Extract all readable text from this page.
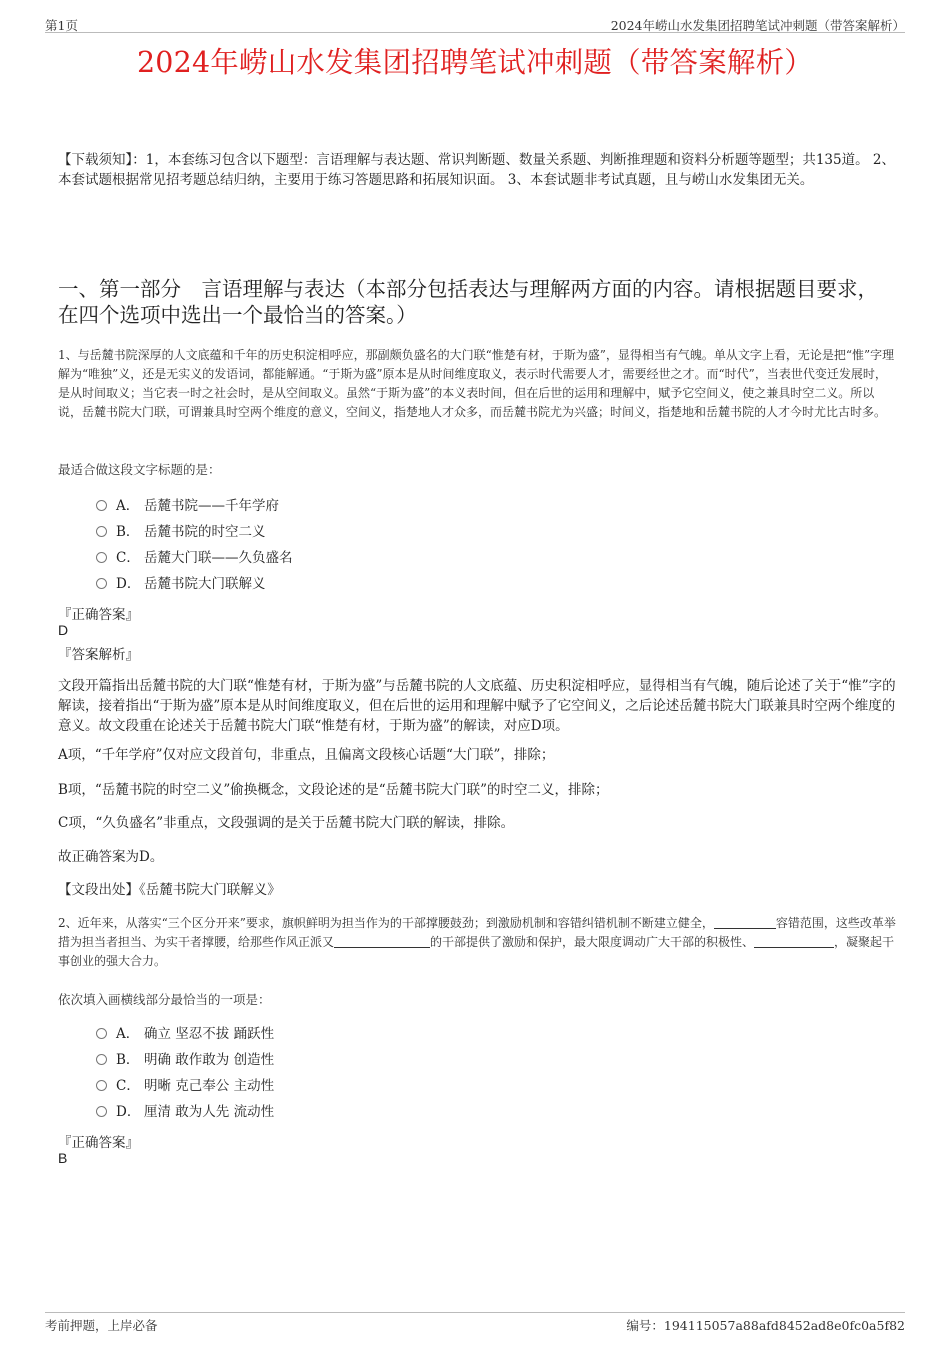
第1页	2024年崂山水发集团招聘笔试冲刺题（带答案解析）
2024年崂山水发集团招聘笔试冲刺题（带答案解析）
【下载须知】：1，本套练习包含以下题型：言语理解与表达题、常识判断题、数量关系题、判断推理题和资料分析题等题型；共135道。 2、本套试题根据常见招考题总结归纳，主要用于练习答题思路和拓展知识面。 3、本套试题非考试真题，且与崂山水发集团无关。
一、第一部分　言语理解与表达（本部分包括表达与理解两方面的内容。请根据题目要求，在四个选项中选出一个最恰当的答案。）
1、与岳麓书院深厚的人文底蕴和千年的历史积淀相呼应，那副颇负盛名的大门联“惟楚有材，于斯为盛”，显得相当有气魄。单从文字上看，无论是把“惟”字理解为“唯独”义，还是无实义的发语词，都能解通。“于斯为盛”原本是从时间维度取义，表示时代需要人才，需要经世之才。而“时代”，当表世代变迁发展时，是从时间取义；当它表一时之社会时，是从空间取义。虽然“于斯为盛”的本义表时间，但在后世的运用和理解中，赋予它空间义，使之兼具时空二义。所以说，岳麓书院大门联，可谓兼具时空两个维度的意义，空间义，指楚地人才众多，而岳麓书院尤为兴盛；时间义，指楚地和岳麓书院的人才今时尤比古时多。
最适合做这段文字标题的是：
A． 岳麓书院——千年学府
B． 岳麓书院的时空二义
C． 岳麓大门联——久负盛名
D． 岳麓书院大门联解义
『正确答案』
D
『答案解析』
文段开篇指出岳麓书院的大门联“惟楚有材，于斯为盛”与岳麓书院的人文底蕴、历史积淀相呼应，显得相当有气魄，随后论述了关于“惟”字的解读，接着指出“于斯为盛”原本是从时间维度取义，但在后世的运用和理解中赋予了它空间义，之后论述岳麓书院大门联兼具时空两个维度的意义。故文段重在论述关于岳麓书院大门联“惟楚有材，于斯为盛”的解读，对应D项。
A项，“千年学府”仅对应文段首句，非重点，且偏离文段核心话题“大门联”，排除；
B项，“岳麓书院的时空二义”偷换概念，文段论述的是“岳麓书院大门联”的时空二义，排除；
C项，“久负盛名”非重点，文段强调的是关于岳麓书院大门联的解读，排除。
故正确答案为D。
【文段出处】《岳麓书院大门联解义》
2、近年来，从落实“三个区分开来”要求，旗帜鲜明为担当作为的干部撑腰鼓劲；到激励机制和容错纠错机制不断建立健全，	容错范围，这些改革举措为担当者担当、为实干者撑腰，给那些作风正派又	的干部提供了激励和保护，最大限度调动广大干部的积极性、	，凝聚起干事创业的强大合力。
依次填入画横线部分最恰当的一项是：
A． 确立 坚忍不拔 踊跃性
B． 明确 敢作敢为 创造性
C． 明晰 克己奉公 主动性
D． 厘清 敢为人先 流动性
『正确答案』
B
考前押题，上岸必备	编号：194115057a88afd8452ad8e0fc0a5f82
